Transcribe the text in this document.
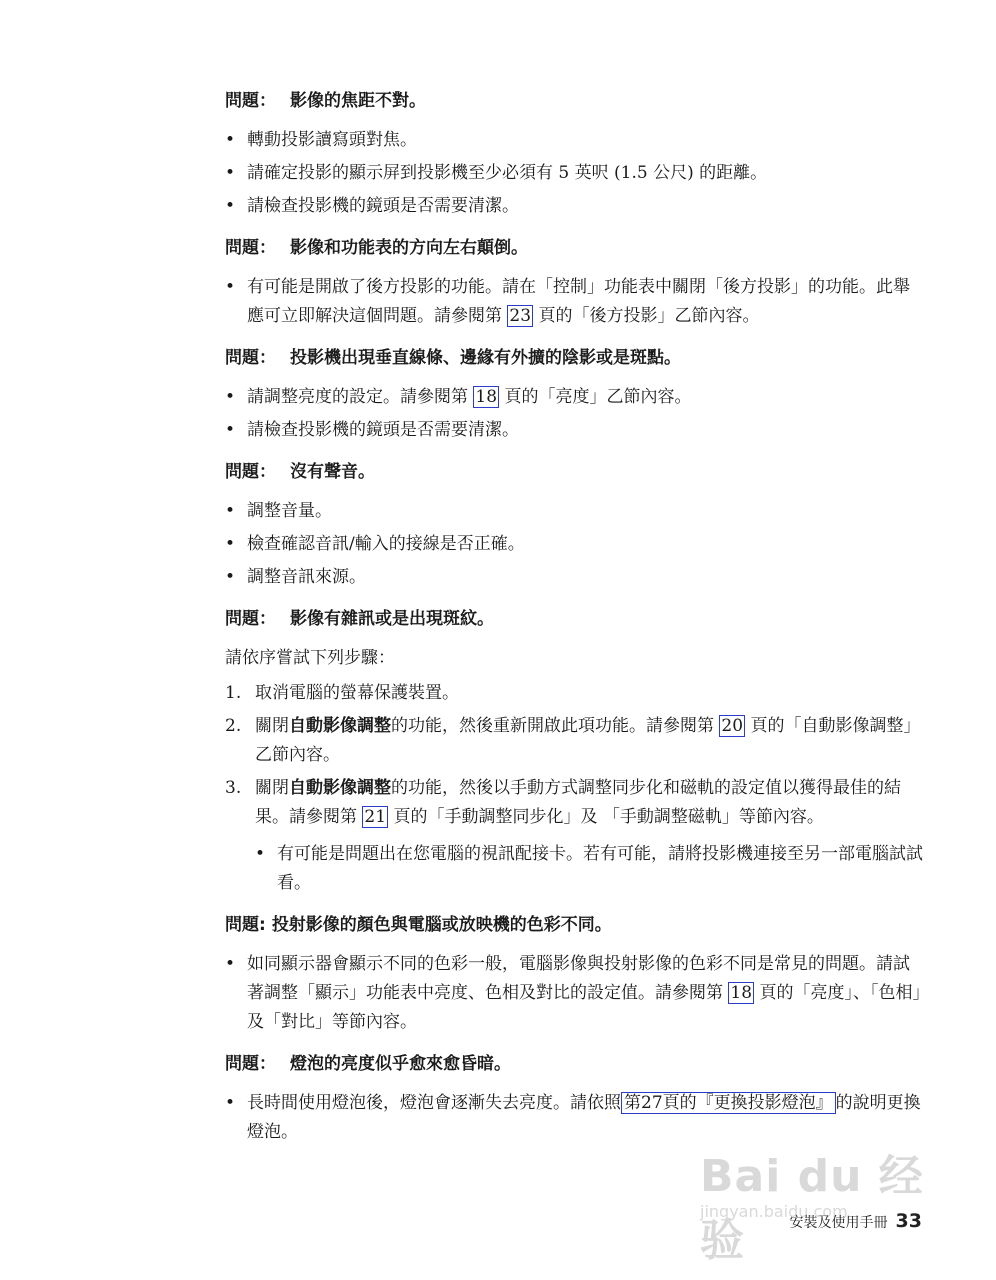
問題： 影像的焦距不對。
• 轉動投影讀寫頭對焦。
• 請確定投影的顯示屏到投影機至少必須有 5 英呎 (1.5 公尺) 的距離。
• 請檢查投影機的鏡頭是否需要清潔。
問題： 影像和功能表的方向左右顛倒。
• 有可能是開啟了後方投影的功能。請在「控制」功能表中關閉「後方投影」的功能。此舉應可立即解決這個問題。請參閱第 23 頁的「後方投影」乙節內容。
問題： 投影機出現垂直線條、邊緣有外擴的陰影或是斑點。
• 請調整亮度的設定。請參閱第 18 頁的「亮度」乙節內容。
• 請檢查投影機的鏡頭是否需要清潔。
問題： 沒有聲音。
• 調整音量。
• 檢查確認音訊/輸入的接線是否正確。
• 調整音訊來源。
問題： 影像有雜訊或是出現斑紋。
請依序嘗試下列步驟：
1. 取消電腦的螢幕保護裝置。
2. 關閉自動影像調整的功能，然後重新開啟此項功能。請參閱第 20 頁的「自動影像調整」乙節內容。
3. 關閉自動影像調整的功能，然後以手動方式調整同步化和磁軌的設定值以獲得最佳的結果。請參閱第 21 頁的「手動調整同步化」及 「手動調整磁軌」等節內容。
• 有可能是問題出在您電腦的視訊配接卡。若有可能，請將投影機連接至另一部電腦試試看。
問題: 投射影像的顏色與電腦或放映機的色彩不同。
• 如同顯示器會顯示不同的色彩一般，電腦影像與投射影像的色彩不同是常見的問題。請試著調整「顯示」功能表中亮度、色相及對比的設定值。請參閱第 18 頁的「亮度」、「色相」及「對比」等節內容。
問題： 燈泡的亮度似乎愈來愈昏暗。
• 長時間使用燈泡後，燈泡會逐漸失去亮度。請依照 第27頁的『更換投影燈泡』 的說明更換燈泡。
Bai du 经验
jingyan.baidu.com
安裝及使用手冊 33
